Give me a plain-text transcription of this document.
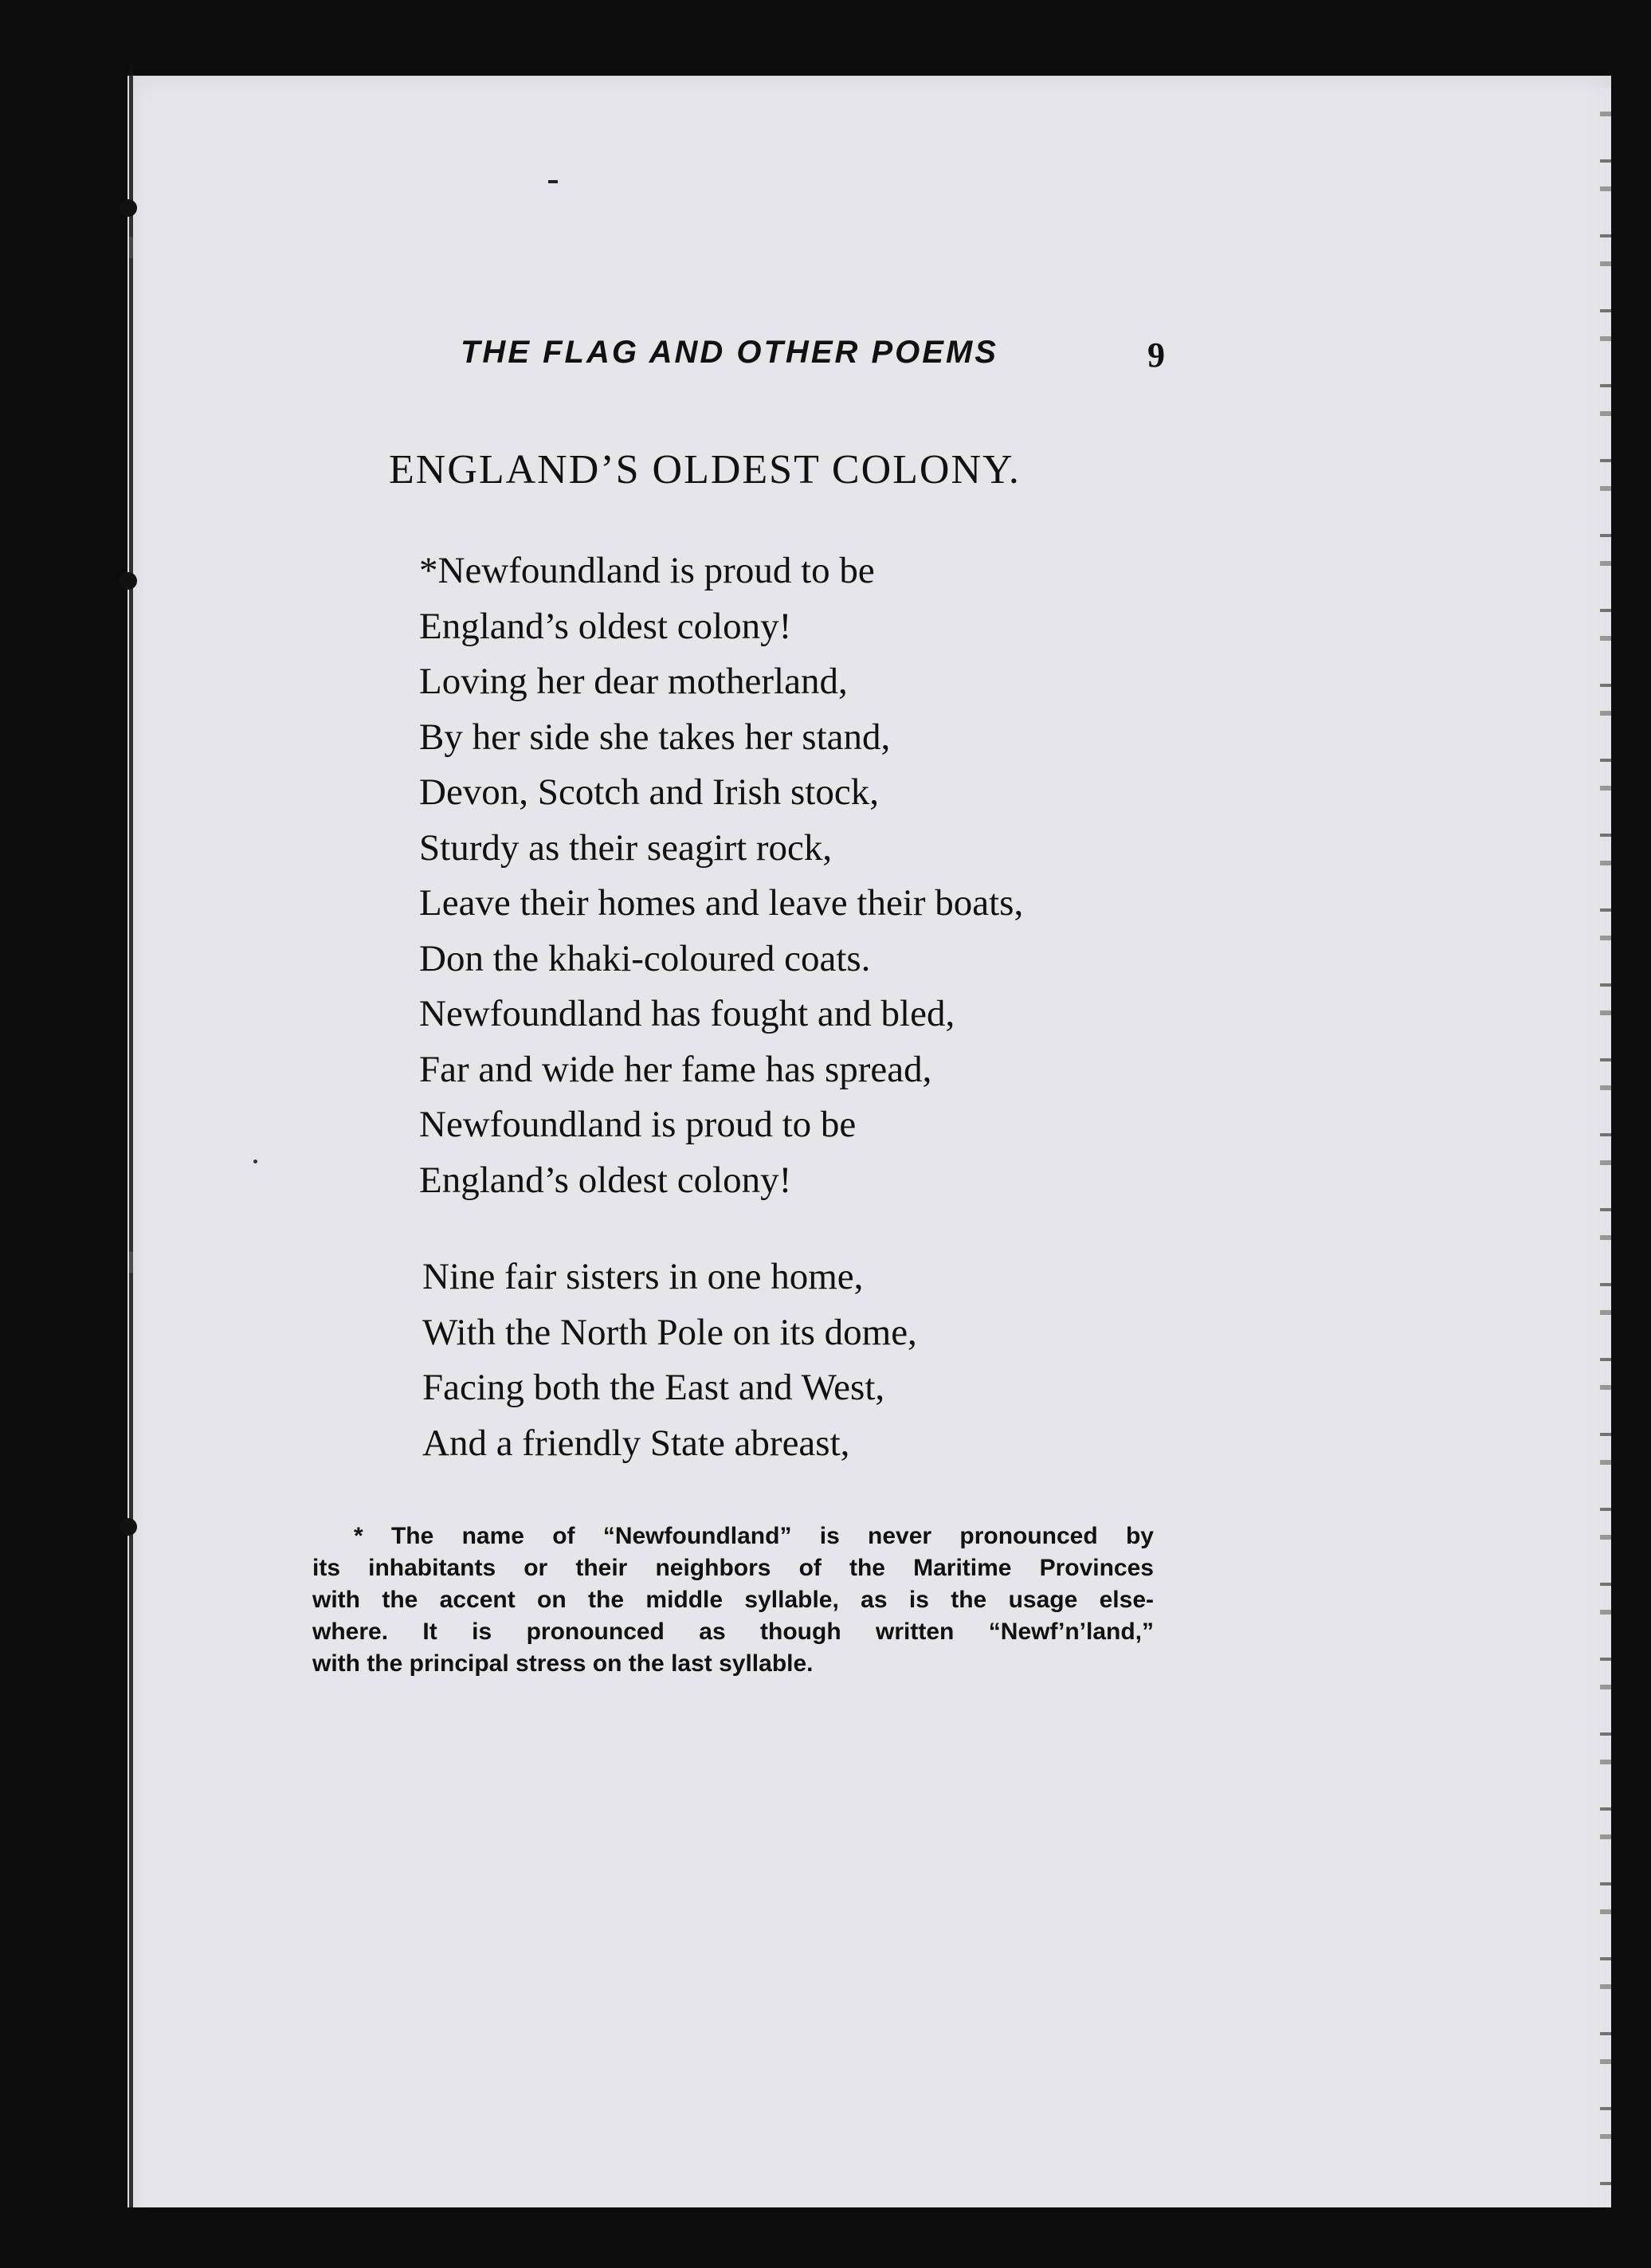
THE FLAG AND OTHER POEMS	9
ENGLAND’S OLDEST COLONY.
*Newfoundland is proud to be
England’s oldest colony!
Loving her dear motherland,
By her side she takes her stand,
Devon, Scotch and Irish stock,
Sturdy as their seagirt rock,
Leave their homes and leave their boats,
Don the khaki-coloured coats.
Newfoundland has fought and bled,
Far and wide her fame has spread,
Newfoundland is proud to be
England’s oldest colony!
Nine fair sisters in one home,
With the North Pole on its dome,
Facing both the East and West,
And a friendly State abreast,
* The name of “Newfoundland” is never pronounced by
its inhabitants or their neighbors of the Maritime Provinces
with the accent on the middle syllable, as is the usage else-
where. It is pronounced as though written “Newf’n’land,”
with the principal stress on the last syllable.
